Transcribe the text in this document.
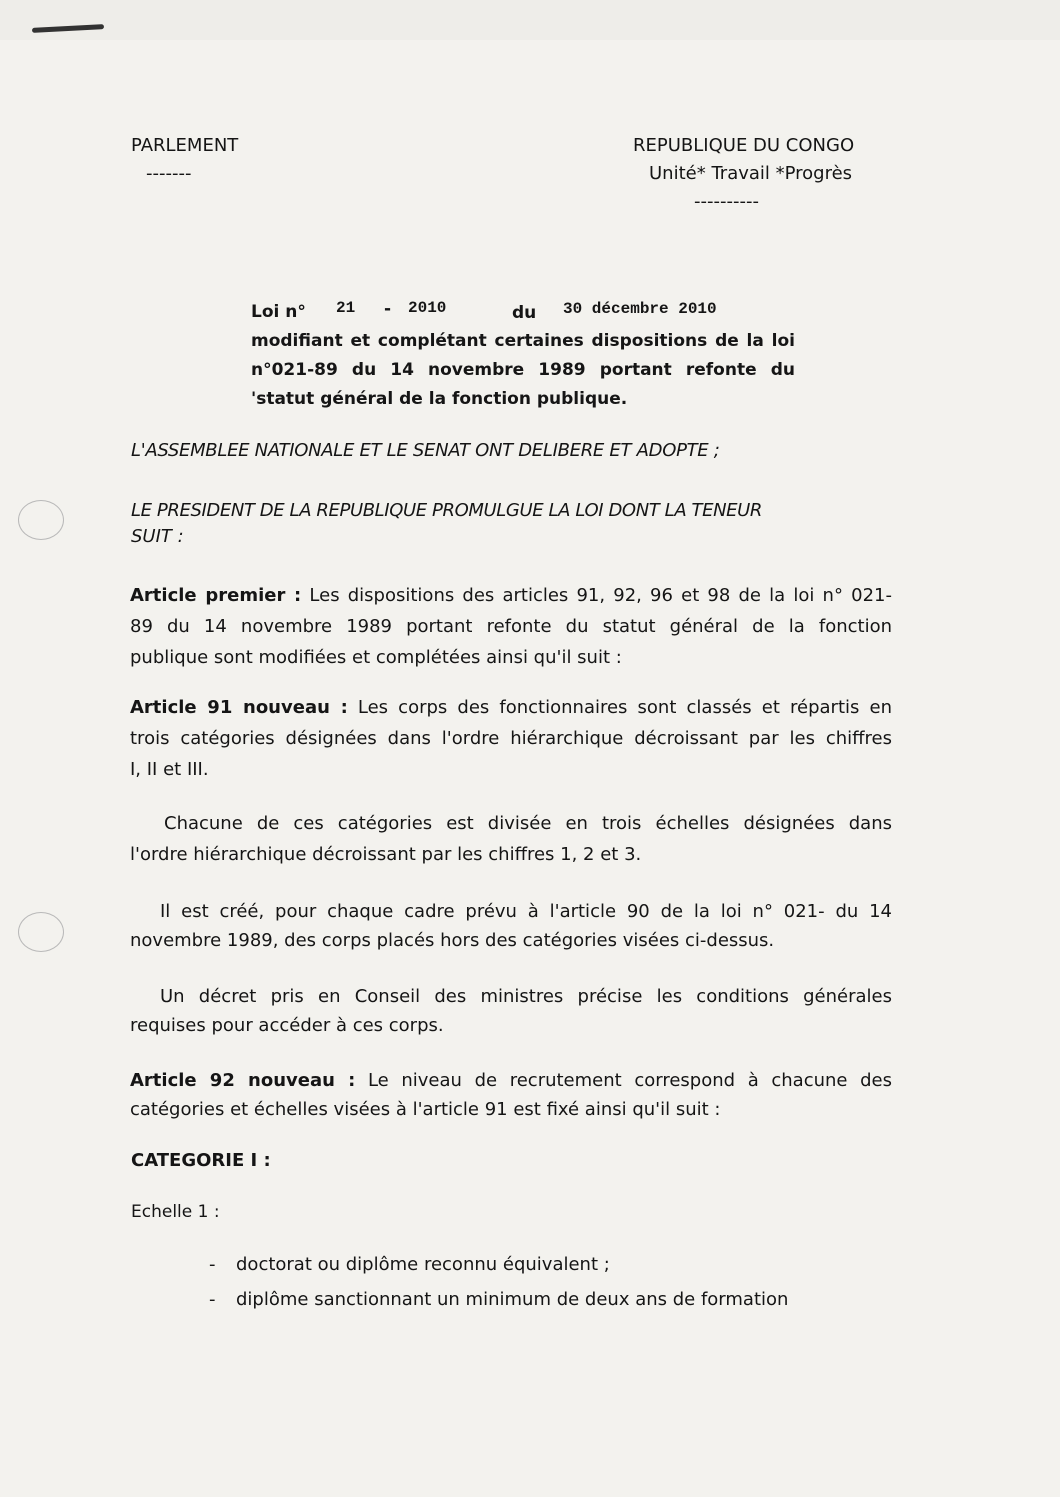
PARLEMENT
-------
REPUBLIQUE DU CONGO
Unité* Travail *Progrès
----------
Loi n° 21 - 2010	du 30 décembre 2010
modifiant et complétant certaines dispositions de la loi
n°021-89 du 14 novembre 1989 portant refonte du
'statut général de la fonction publique.
L'ASSEMBLEE NATIONALE ET LE SENAT ONT DELIBERE ET ADOPTE ;
LE PRESIDENT DE LA REPUBLIQUE PROMULGUE LA LOI DONT LA TENEUR
SUIT :
Article premier : Les dispositions des articles 91, 92, 96 et 98 de la loi n° 021-
89 du 14 novembre 1989 portant refonte du statut général de la fonction
publique sont modifiées et complétées ainsi qu'il suit :
Article 91 nouveau : Les corps des fonctionnaires sont classés et répartis en
trois catégories désignées dans l'ordre hiérarchique décroissant par les chiffres
I, II et III.
Chacune de ces catégories est divisée en trois échelles désignées dans
l'ordre hiérarchique décroissant par les chiffres 1, 2 et 3.
Il est créé, pour chaque cadre prévu à l'article 90 de la loi n° 021- du 14
novembre 1989, des corps placés hors des catégories visées ci-dessus.
Un décret pris en Conseil des ministres précise les conditions générales
requises pour accéder à ces corps.
Article 92 nouveau : Le niveau de recrutement correspond à chacune des
catégories et échelles visées à l'article 91 est fixé ainsi qu'il suit :
CATEGORIE I :
Echelle 1 :
- doctorat ou diplôme reconnu équivalent ;
- diplôme sanctionnant un minimum de deux ans de formation
